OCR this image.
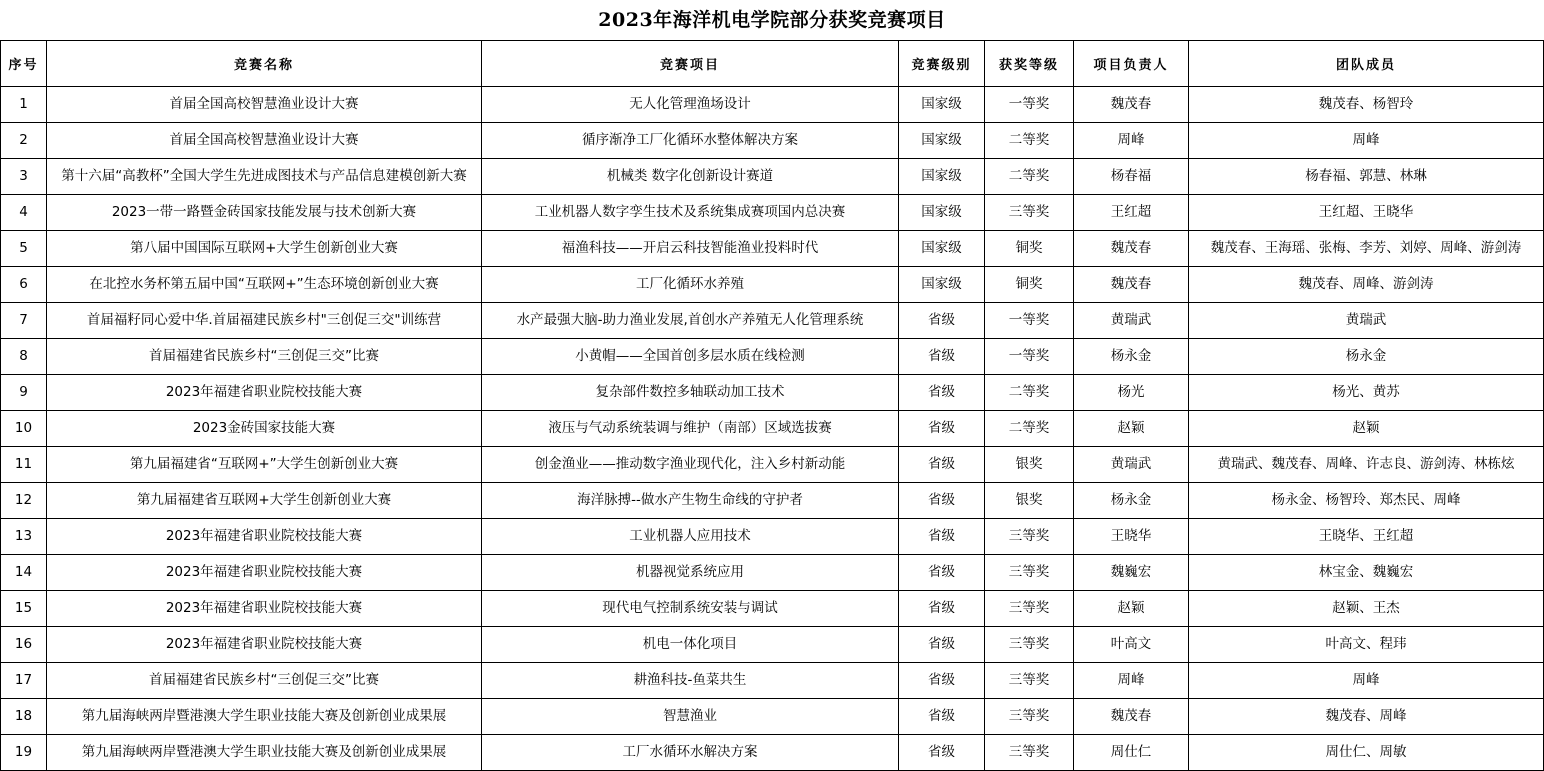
2023年海洋机电学院部分获奖竞赛项目
序号	竞赛名称	竞赛项目	竞赛级别	获奖等级	项目负责人	团队成员
1	首届全国高校智慧渔业设计大赛	无人化管理渔场设计	国家级	一等奖	魏茂春	魏茂春、杨智玲
2	首届全国高校智慧渔业设计大赛	循序渐净工厂化循环水整体解决方案	国家级	二等奖	周峰	周峰
3	第十六届“高教杯”全国大学生先进成图技术与产品信息建模创新大赛	机械类 数字化创新设计赛道	国家级	二等奖	杨春福	杨春福、郭慧、林琳
4	2023一带一路暨金砖国家技能发展与技术创新大赛	工业机器人数字孪生技术及系统集成赛项国内总决赛	国家级	三等奖	王红超	王红超、王晓华
5	第八届中国国际互联网+大学生创新创业大赛	福渔科技——开启云科技智能渔业投料时代	国家级	铜奖	魏茂春	魏茂春、王海瑶、张梅、李芳、刘婷、周峰、游剑涛
6	在北控水务杯第五届中国“互联网+”生态环境创新创业大赛	工厂化循环水养殖	国家级	铜奖	魏茂春	魏茂春、周峰、游剑涛
7	首届福籽同心爱中华.首届福建民族乡村"三创促三交"训练营	水产最强大脑-助力渔业发展,首创水产养殖无人化管理系统	省级	一等奖	黄瑞武	黄瑞武
8	首届福建省民族乡村“三创促三交”比赛	小黄帽——全国首创多层水质在线检测	省级	一等奖	杨永金	杨永金
9	2023年福建省职业院校技能大赛	复杂部件数控多轴联动加工技术	省级	二等奖	杨光	杨光、黄苏
10	2023金砖国家技能大赛	液压与气动系统装调与维护（南部）区域选拔赛	省级	二等奖	赵颖	赵颖
11	第九届福建省“互联网+”大学生创新创业大赛	创金渔业——推动数字渔业现代化，注入乡村新动能	省级	银奖	黄瑞武	黄瑞武、魏茂春、周峰、许志良、游剑涛、林栋炫
12	第九届福建省互联网+大学生创新创业大赛	海洋脉搏--做水产生物生命线的守护者	省级	银奖	杨永金	杨永金、杨智玲、郑杰民、周峰
13	2023年福建省职业院校技能大赛	工业机器人应用技术	省级	三等奖	王晓华	王晓华、王红超
14	2023年福建省职业院校技能大赛	机器视觉系统应用	省级	三等奖	魏巍宏	林宝金、魏巍宏
15	2023年福建省职业院校技能大赛	现代电气控制系统安装与调试	省级	三等奖	赵颖	赵颖、王杰
16	2023年福建省职业院校技能大赛	机电一体化项目	省级	三等奖	叶高文	叶高文、程玮
17	首届福建省民族乡村“三创促三交”比赛	耕渔科技-鱼菜共生	省级	三等奖	周峰	周峰
18	第九届海峡两岸暨港澳大学生职业技能大赛及创新创业成果展	智慧渔业	省级	三等奖	魏茂春	魏茂春、周峰
19	第九届海峡两岸暨港澳大学生职业技能大赛及创新创业成果展	工厂水循环水解决方案	省级	三等奖	周仕仁	周仕仁、周敏
